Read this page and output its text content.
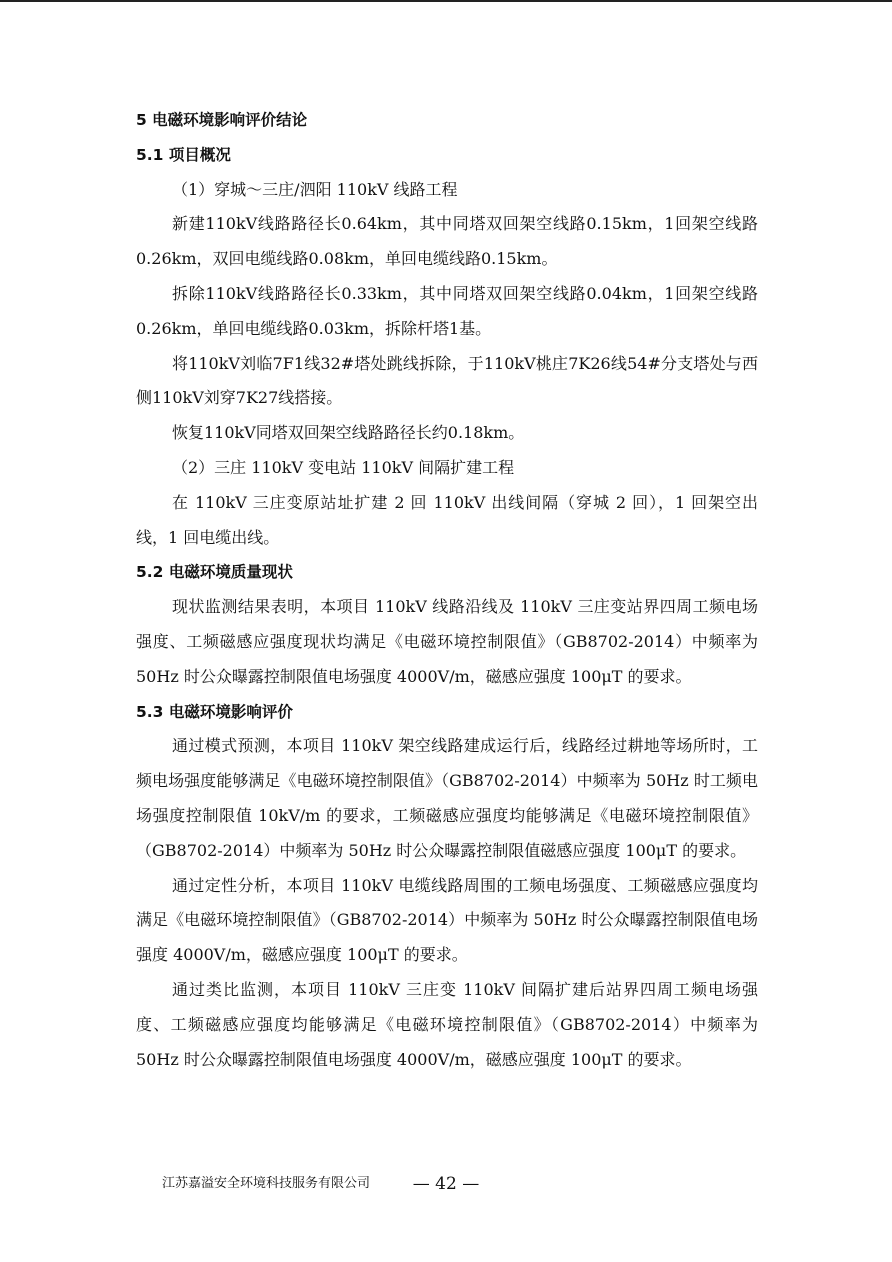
5 电磁环境影响评价结论
5.1 项目概况

（1）穿城～三庄/泗阳 110kV 线路工程

新建110kV线路路径长0.64km，其中同塔双回架空线路0.15km，1回架空线路0.26km，双回电缆线路0.08km，单回电缆线路0.15km。

拆除110kV线路路径长0.33km，其中同塔双回架空线路0.04km，1回架空线路0.26km，单回电缆线路0.03km，拆除杆塔1基。

将110kV刘临7F1线32#塔处跳线拆除，于110kV桃庄7K26线54#分支塔处与西侧110kV刘穿7K27线搭接。

恢复110kV同塔双回架空线路路径长约0.18km。

（2）三庄 110kV 变电站 110kV 间隔扩建工程

在 110kV 三庄变原站址扩建 2 回 110kV 出线间隔（穿城 2 回），1 回架空出线，1 回电缆出线。

5.2 电磁环境质量现状

现状监测结果表明，本项目 110kV 线路沿线及 110kV 三庄变站界四周工频电场强度、工频磁感应强度现状均满足《电磁环境控制限值》（GB8702-2014）中频率为 50Hz 时公众曝露控制限值电场强度 4000V/m，磁感应强度 100μT 的要求。

5.3 电磁环境影响评价

通过模式预测，本项目 110kV 架空线路建成运行后，线路经过耕地等场所时，工频电场强度能够满足《电磁环境控制限值》（GB8702-2014）中频率为 50Hz 时工频电场强度控制限值 10kV/m 的要求，工频磁感应强度均能够满足《电磁环境控制限值》（GB8702-2014）中频率为 50Hz 时公众曝露控制限值磁感应强度 100μT 的要求。

通过定性分析，本项目 110kV 电缆线路周围的工频电场强度、工频磁感应强度均满足《电磁环境控制限值》（GB8702-2014）中频率为 50Hz 时公众曝露控制限值电场强度 4000V/m，磁感应强度 100μT 的要求。

通过类比监测，本项目 110kV 三庄变 110kV 间隔扩建后站界四周工频电场强度、工频磁感应强度均能够满足《电磁环境控制限值》（GB8702-2014）中频率为 50Hz 时公众曝露控制限值电场强度 4000V/m，磁感应强度 100μT 的要求。

江苏嘉溢安全环境科技服务有限公司	— 42 —
